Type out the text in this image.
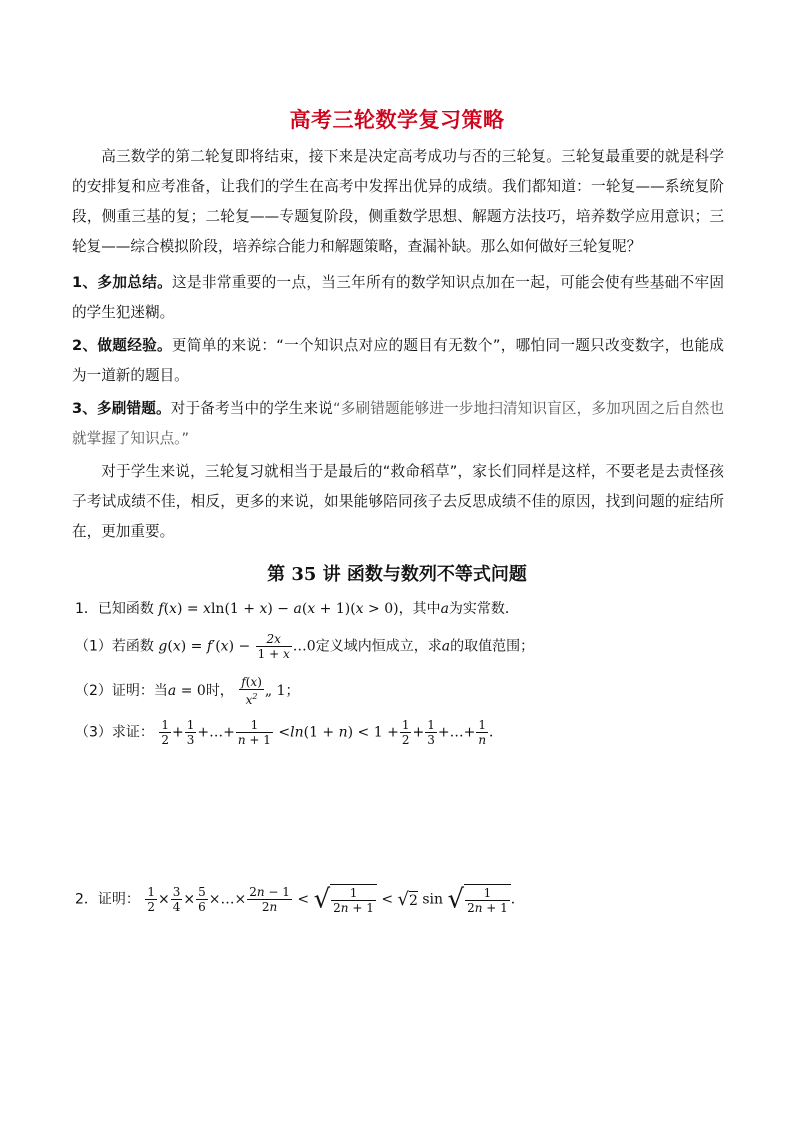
高考三轮数学复习策略

高三数学的第二轮复即将结束，接下来是决定高考成功与否的三轮复。三轮复最重要的就是科学的安排复和应考准备，让我们的学生在高考中发挥出优异的成绩。我们都知道：一轮复——系统复阶段，侧重三基的复；二轮复——专题复阶段，侧重数学思想、解题方法技巧，培养数学应用意识；三轮复——综合模拟阶段，培养综合能力和解题策略，查漏补缺。那么如何做好三轮复呢？

1、多加总结。这是非常重要的一点，当三年所有的数学知识点加在一起，可能会使有些基础不牢固的学生犯迷糊。

2、做题经验。更简单的来说：“一个知识点对应的题目有无数个”，哪怕同一题只改变数字，也能成为一道新的题目。

3、多刷错题。对于备考当中的学生来说“多刷错题能够进一步地扫清知识盲区，多加巩固之后自然也就掌握了知识点。”

对于学生来说，三轮复习就相当于是最后的“救命稻草”，家长们同样是这样，不要老是去责怪孩子考试成绩不佳，相反，更多的来说，如果能够陪同孩子去反思成绩不佳的原因，找到问题的症结所在，更加重要。

第 35 讲 函数与数列不等式问题
1．已知函数 f(x) = xln(1 + x) − a(x + 1)(x > 0)，其中a为实常数．
（1）若函数 $g(x) = f'(x) - \frac{2x}{1 + x}$ …0定义域内恒成立，求a的取值范围；
（2）证明：当a = 0时， $\frac{f(x)}{x^2}$ „ 1；
（3）求证： $\frac{1}{2} + \frac{1}{3}$ +…+ $\frac{1}{n + 1} <\ln(1 + n) < 1 + \frac{1}{2} + \frac{1}{3}$ +…+ $\frac{1}{n}$ ．
2．证明： $\frac{1}{2} \times \frac{3}{4} \times \frac{5}{6}$ ×…× $\frac{2n - 1}{2n}$ < √ $\frac{1}{2n + 1} < √2$ sin √ $\frac{1}{2n + 1}$ ．
